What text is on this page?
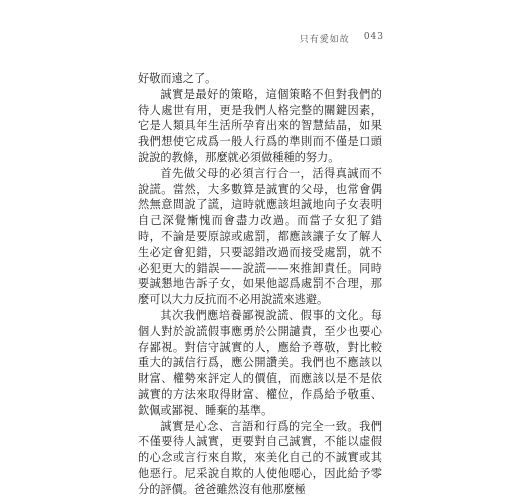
只有愛如故 043

好敬而遠之了。

誠實是最好的策略，這個策略不但對我們的待人處世有用，更是我們人格完整的關鍵因素，它是人類具年生活所孕育出來的智慧結晶，如果我們想使它成爲一般人行爲的準則而不僅是口頭說說的教條，那麼就必須做種種的努力。

首先做父母的必須言行合一，活得真誠而不說謊。當然，大多數算是誠實的父母，也常會偶然無意間說了謊，這時就應該坦誠地向子女表明自己深覺慚愧而會盡力改過。而當子女犯了錯時，不論是要原諒或處罰，都應該讓子女了解人生必定會犯錯，只要認錯改過而接受處罰，就不必犯更大的錯誤——說謊——來推卸責任。同時要誠懇地告訴子女，如果他認爲處罰不合理，那麼可以大力反抗而不必用說謊來逃避。

其次我們應培養鄙視說謊、假事的文化。每個人對於說謊假事應勇於公開譴責，至少也要心存鄙視。對信守誠實的人，應給予尊敬，對比較重大的誠信行爲，應公開讚美。我們也不應該以財富、權勢來評定人的價值，而應該以是不是依誠實的方法來取得財富、權位，作爲給予敬重、欽佩或鄙視、睡棄的基準。

誠實是心念、言語和行爲的完全一致。我們不僅要待人誠實，更要對自己誠實，不能以虛假的心念或言行來自欺，來美化自己的不誠實或其他惡行。尼采說自欺的人使他噁心，因此給予零分的評價。爸爸雖然沒有他那麼極
